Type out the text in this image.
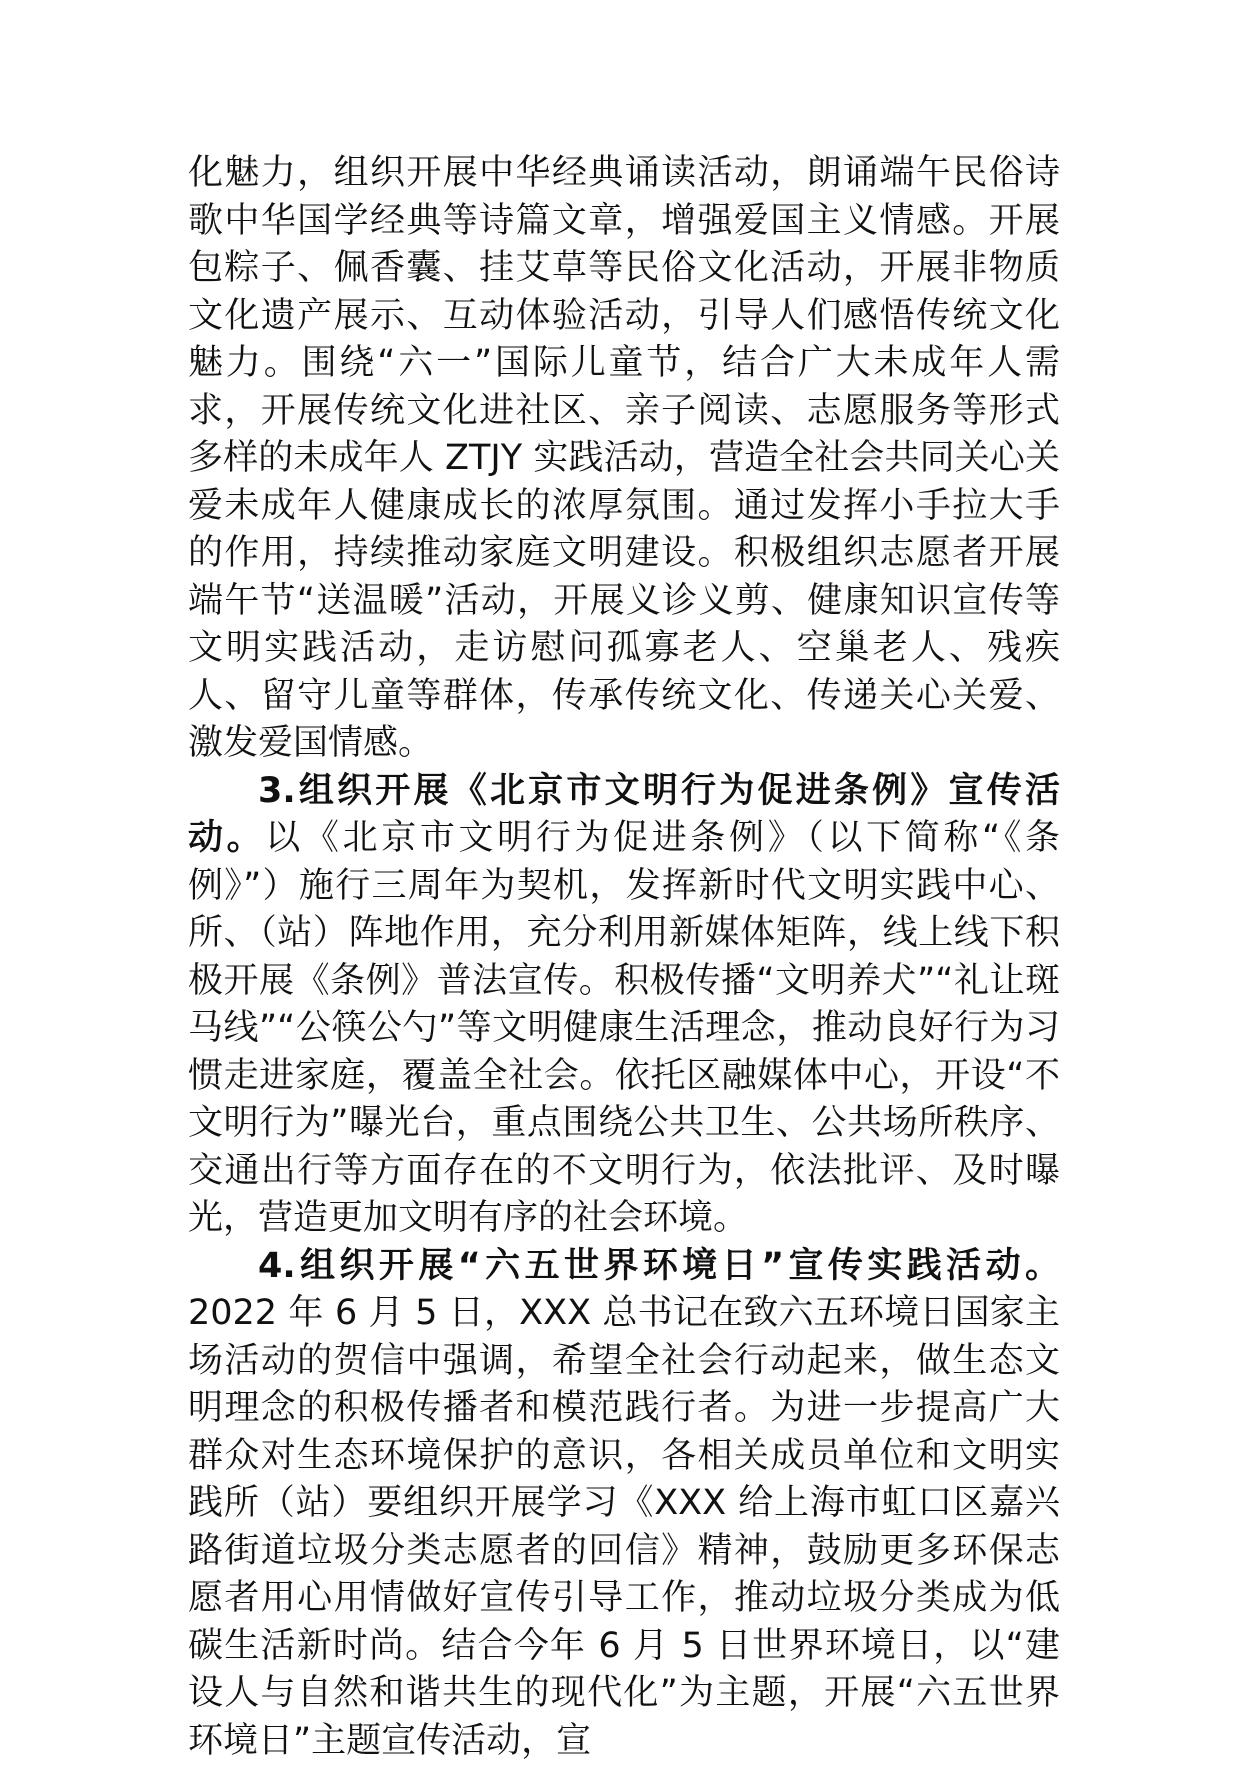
化魅力，组织开展中华经典诵读活动，朗诵端午民俗诗歌中华国学经典等诗篇文章，增强爱国主义情感。开展包粽子、佩香囊、挂艾草等民俗文化活动，开展非物质文化遗产展示、互动体验活动，引导人们感悟传统文化魅力。围绕“六一”国际儿童节，结合广大未成年人需求，开展传统文化进社区、亲子阅读、志愿服务等形式多样的未成年人 ZTJY 实践活动，营造全社会共同关心关爱未成年人健康成长的浓厚氛围。通过发挥小手拉大手的作用，持续推动家庭文明建设。积极组织志愿者开展端午节“送温暖”活动，开展义诊义剪、健康知识宣传等文明实践活动，走访慰问孤寡老人、空巢老人、残疾人、留守儿童等群体，传承传统文化、传递关心关爱、激发爱国情感。

3.组织开展《北京市文明行为促进条例》宣传活动。以《北京市文明行为促进条例》（以下简称“《条例》”）施行三周年为契机，发挥新时代文明实践中心、所、（站）阵地作用，充分利用新媒体矩阵，线上线下积极开展《条例》普法宣传。积极传播“文明养犬”“礼让斑马线”“公筷公勺”等文明健康生活理念，推动良好行为习惯走进家庭，覆盖全社会。依托区融媒体中心，开设“不文明行为”曝光台，重点围绕公共卫生、公共场所秩序、交通出行等方面存在的不文明行为，依法批评、及时曝光，营造更加文明有序的社会环境。

4.组织开展“六五世界环境日”宣传实践活动。2022 年 6 月 5 日，XXX 总书记在致六五环境日国家主场活动的贺信中强调，希望全社会行动起来，做生态文明理念的积极传播者和模范践行者。为进一步提高广大群众对生态环境保护的意识，各相关成员单位和文明实践所（站）要组织开展学习《XXX 给上海市虹口区嘉兴路街道垃圾分类志愿者的回信》精神，鼓励更多环保志愿者用心用情做好宣传引导工作，推动垃圾分类成为低碳生活新时尚。结合今年 6 月 5 日世界环境日，以“建设人与自然和谐共生的现代化”为主题，开展“六五世界环境日”主题宣传活动，宣
